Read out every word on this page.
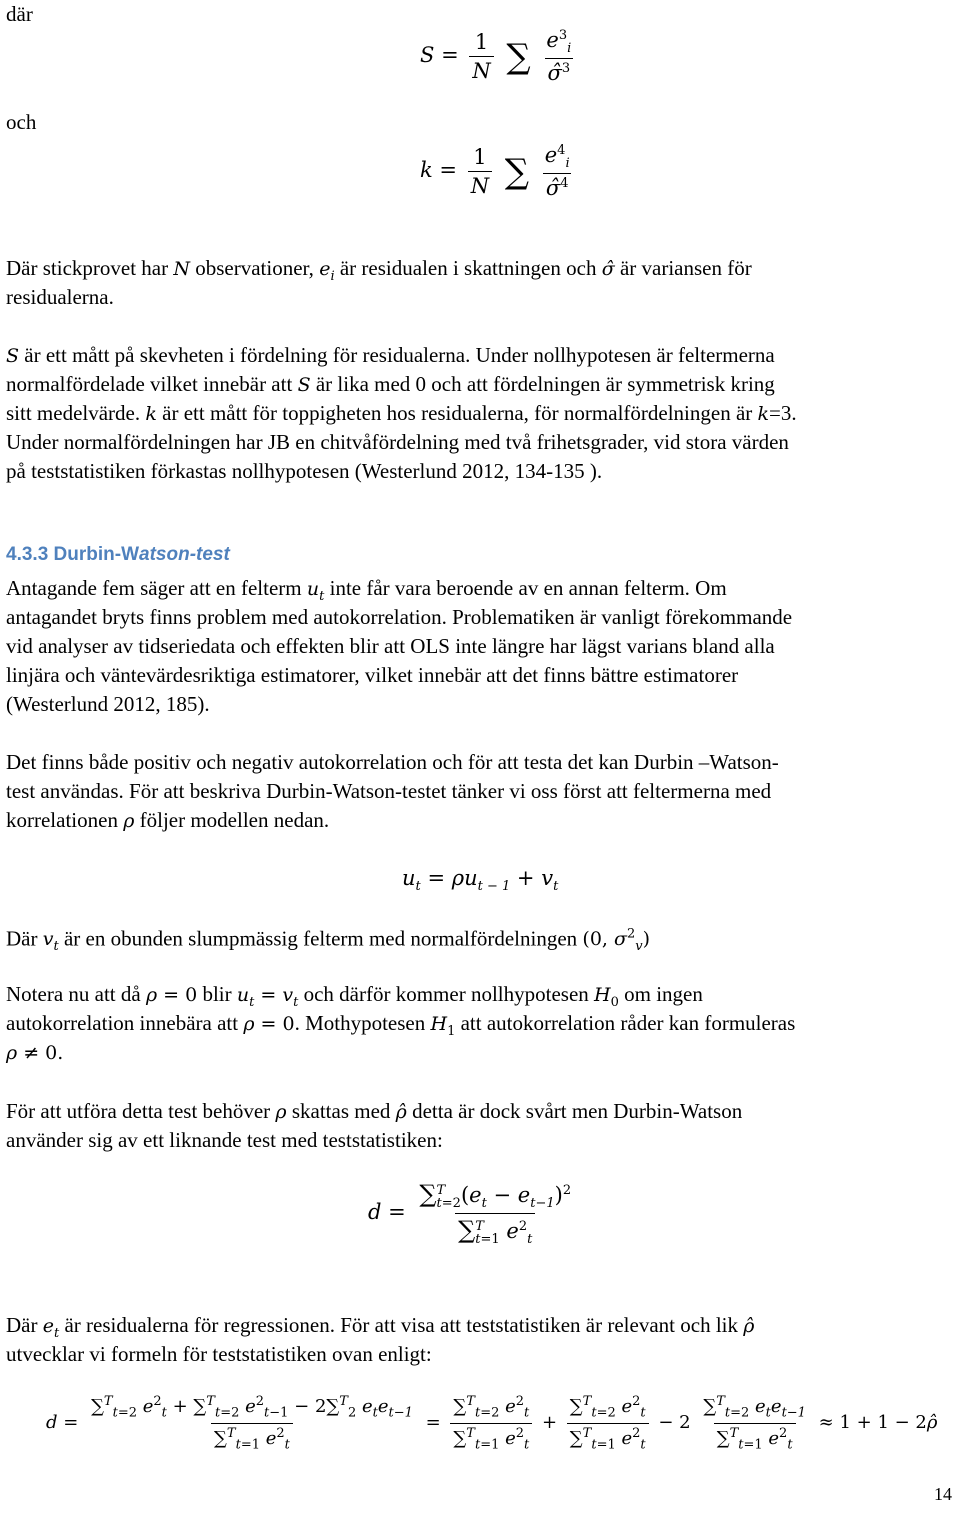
där
$S = \frac{1}{N}$ ∑ $\frac{e^3_i}{\sigmâ^3}$
och
$k = \frac{1}{N}$ ∑ $\frac{e^4_i}{\sigmâ^4}$
Där stickprovet har N observationer, $e_i$ är residualen i skattningen och σ̂ är variansen för
residualerna.
S är ett mått på skevheten i fördelning för residualerna. Under nollhypotesen är feltermerna
normalfördelade vilket innebär att S är lika med 0 och att fördelningen är symmetrisk kring
sitt medelvärde. k är ett mått för toppigheten hos residualerna, för normalfördelningen är k=3.
Under normalfördelningen har JB en chitvåfördelning med två frihetsgrader, vid stora värden
på teststatistiken förkastas nollhypotesen (Westerlund 2012, 134-135 ).
4.3.3 Durbin-Watson-test
Antagande fem säger att en felterm $u_t$ inte får vara beroende av en annan felterm. Om
antagandet bryts finns problem med autokorrelation. Problematiken är vanligt förekommande
vid analyser av tidseriedata och effekten blir att OLS inte längre har lägst varians bland alla
linjära och väntevärdesriktiga estimatorer, vilket innebär att det finns bättre estimatorer
(Westerlund 2012, 185).
Det finns både positiv och negativ autokorrelation och för att testa det kan Durbin –Watson-
test användas. För att beskriva Durbin-Watson-testet tänker vi oss först att feltermerna med
korrelationen ρ följer modellen nedan.
$u_t = \rho u_{t - 1} + v_t$
Där $v_t$ är en obunden slumpmässig felterm med normalfördelningen (0, $\sigma^2_v$)
Notera nu att då ρ = 0 blir $u_t = v_t$ och därför kommer nollhypotesen $H_0$ om ingen
autokorrelation innebära att ρ = 0. Mothypotesen $H_1$ att autokorrelation råder kan formuleras
ρ ≠ 0.
För att utföra detta test behöver ρ skattas med ρ̂ detta är dock svårt men Durbin-Watson
använder sig av ett liknande test med teststatistiken:
d = ∑ T
t=2 $(e_t - e_{t-1})^2$
∑ T
t=1 $e^2_t$
Där $e_t$ är residualerna för regressionen. För att visa att teststatistiken är relevant och lik ρ̂
utvecklar vi formeln för teststatistiken ovan enligt:
$d = \frac{\sum^T_{t=2} e^2_t + \sum^T_{t=2} e^2_{t-1} - 2\sum^T_2 e_te_{t-1}}{\sum^T_{t=1} e^2_t} = \frac{\sum^T_{t=2} e^2_t}{\sum^T_{t=1} e^2_t} + \frac{\sum^T_{t=2} e^2_t}{\sum^T_{t=1} e^2_t} - 2 \frac{\sum^T_{t=2} e_te_{t-1}}{\sum^T_{t=1} e^2_t} \approx 1 + 1$ − 2ρ̂
14
